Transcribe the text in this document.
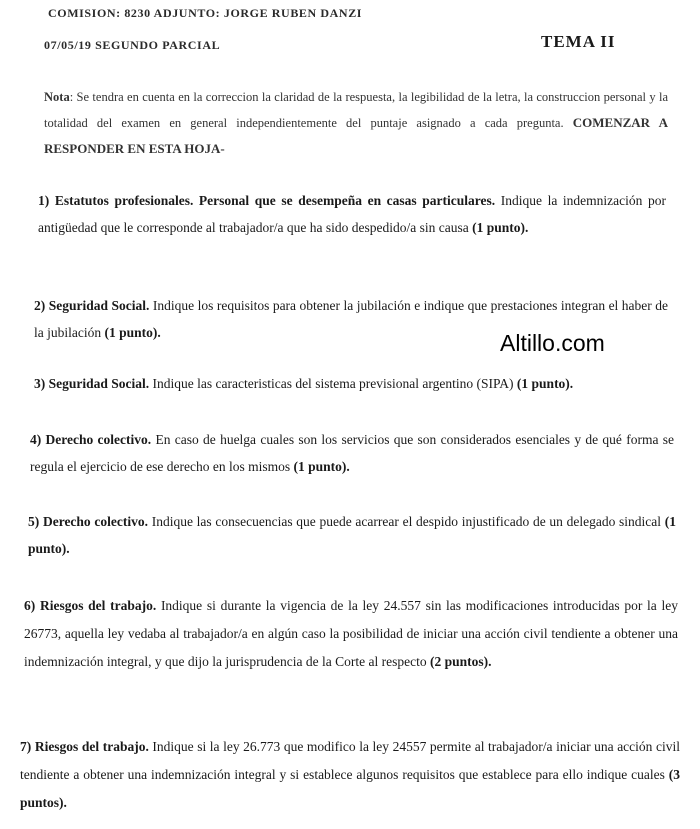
COMISION: 8230 ADJUNTO: JORGE RUBEN DANZI
07/05/19 SEGUNDO PARCIAL	TEMA II
Nota: Se tendra en cuenta en la correccion la claridad de la respuesta, la legibilidad de la letra, la construccion personal y la totalidad del examen en general independientemente del puntaje asignado a cada pregunta. COMENZAR A RESPONDER EN ESTA HOJA-
Altillo.com
1) Estatutos profesionales. Personal que se desempeña en casas particulares. Indique la indemnización por antigüedad que le corresponde al trabajador/a que ha sido despedido/a sin causa (1 punto).
2) Seguridad Social. Indique los requisitos para obtener la jubilación e indique que prestaciones integran el haber de la jubilación (1 punto).
3) Seguridad Social. Indique las caracteristicas del sistema previsional argentino (SIPA) (1 punto).
4) Derecho colectivo. En caso de huelga cuales son los servicios que son considerados esenciales y de qué forma se regula el ejercicio de ese derecho en los mismos (1 punto).
5) Derecho colectivo. Indique las consecuencias que puede acarrear el despido injustificado de un delegado sindical (1 punto).
6) Riesgos del trabajo. Indique si durante la vigencia de la ley 24.557 sin las modificaciones introducidas por la ley 26773, aquella ley vedaba al trabajador/a en algún caso la posibilidad de iniciar una acción civil tendiente a obtener una indemnización integral, y que dijo la jurisprudencia de la Corte al respecto (2 puntos).
7) Riesgos del trabajo. Indique si la ley 26.773 que modifico la ley 24557 permite al trabajador/a iniciar una acción civil tendiente a obtener una indemnización integral y si establece algunos requisitos que establece para ello indique cuales (3 puntos).
